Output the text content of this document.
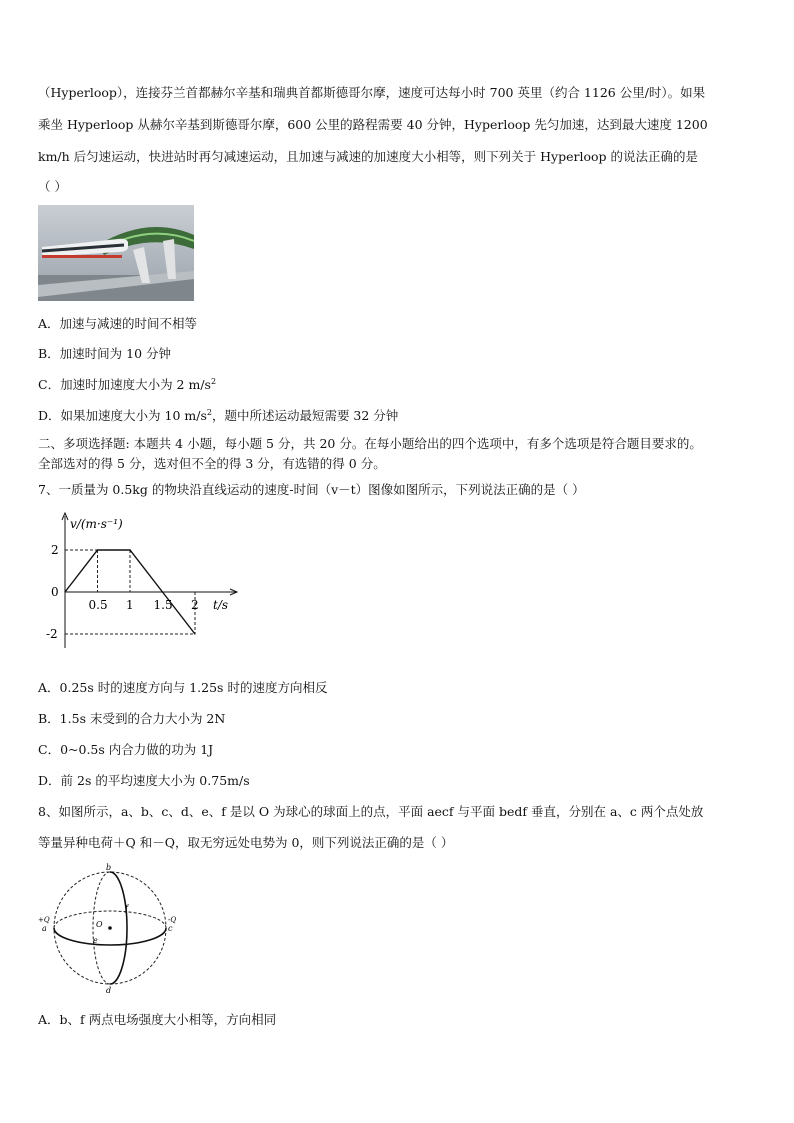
（Hyperloop），连接芬兰首都赫尔辛基和瑞典首都斯德哥尔摩，速度可达每小时 700 英里（约合 1126 公里/时）。如果
乘坐 Hyperloop 从赫尔辛基到斯德哥尔摩，600 公里的路程需要 40 分钟，Hyperloop 先匀加速，达到最大速度 1200
km/h 后匀速运动，快进站时再匀减速运动，且加速与减速的加速度大小相等，则下列关于 Hyperloop 的说法正确的是
（ ）
A．加速与减速的时间不相等
B．加速时间为 10 分钟
C．加速时加速度大小为 2 $m/s^2$
D．如果加速度大小为 10 $m/s^2$，题中所述运动最短需要 32 分钟
二、多项选择题: 本题共 4 小题，每小题 5 分，共 20 分。在每小题给出的四个选项中，有多个选项是符合题目要求的。
全部选对的得 5 分，选对但不全的得 3 分，有选错的得 0 分。
7、一质量为 0.5kg 的物块沿直线运动的速度-时间（v－t）图像如图所示，下列说法正确的是（ ）
v/(m·s⁻¹)
t/s
0.5 1 1.5 2
2
0
-2
A．0.25s 时的速度方向与 1.25s 时的速度方向相反
B．1.5s 末受到的合力大小为 2N
C．0~0.5s 内合力做的功为 1J
D．前 2s 的平均速度大小为 0.75m/s
8、如图所示，a、b、c、d、e、f 是以 O 为球心的球面上的点，平面 aecf 与平面 bedf 垂直，分别在 a、c 两个点处放
等量异种电荷＋Q 和－Q，取无穷远处电势为 0，则下列说法正确的是（ ）
b
d
+Q
a
-Q
c
f
e
O
A．b、f 两点电场强度大小相等，方向相同
